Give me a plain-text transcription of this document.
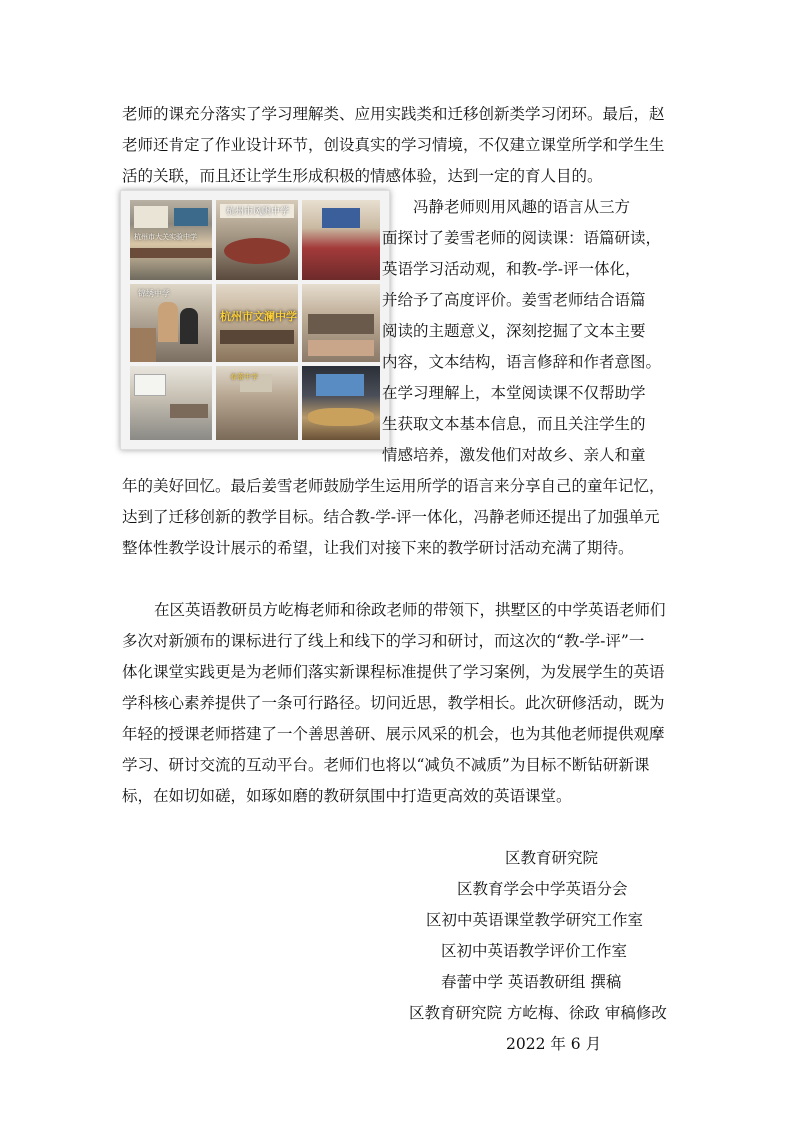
老师的课充分落实了学习理解类、应用实践类和迁移创新类学习闭环。最后，赵
老师还肯定了作业设计环节，创设真实的学习情境，不仅建立课堂所学和学生生
活的关联，而且还让学生形成积极的情感体验，达到一定的育人目的。
杭州市大关实验中学
杭州市风帆中学
锦绣中学
杭州市文澜中学
春蕾中学
冯静老师则用风趣的语言从三方
面探讨了姜雪老师的阅读课：语篇研读，
英语学习活动观，和教-学-评一体化，
并给予了高度评价。姜雪老师结合语篇
阅读的主题意义，深刻挖掘了文本主要
内容，文本结构，语言修辞和作者意图。
在学习理解上，本堂阅读课不仅帮助学
生获取文本基本信息，而且关注学生的
情感培养，激发他们对故乡、亲人和童
年的美好回忆。最后姜雪老师鼓励学生运用所学的语言来分享自己的童年记忆，
达到了迁移创新的教学目标。结合教-学-评一体化，冯静老师还提出了加强单元
整体性教学设计展示的希望，让我们对接下来的教学研讨活动充满了期待。
在区英语教研员方屹梅老师和徐政老师的带领下，拱墅区的中学英语老师们
多次对新颁布的课标进行了线上和线下的学习和研讨，而这次的“教-学-评”一
体化课堂实践更是为老师们落实新课程标准提供了学习案例，为发展学生的英语
学科核心素养提供了一条可行路径。切问近思，教学相长。此次研修活动，既为
年轻的授课老师搭建了一个善思善研、展示风采的机会，也为其他老师提供观摩
学习、研讨交流的互动平台。老师们也将以“减负不减质”为目标不断钻研新课
标，在如切如磋，如琢如磨的教研氛围中打造更高效的英语课堂。
区教育研究院
区教育学会中学英语分会
区初中英语课堂教学研究工作室
区初中英语教学评价工作室
春蕾中学 英语教研组 撰稿
区教育研究院 方屹梅、徐政 审稿修改
2022 年 6 月
